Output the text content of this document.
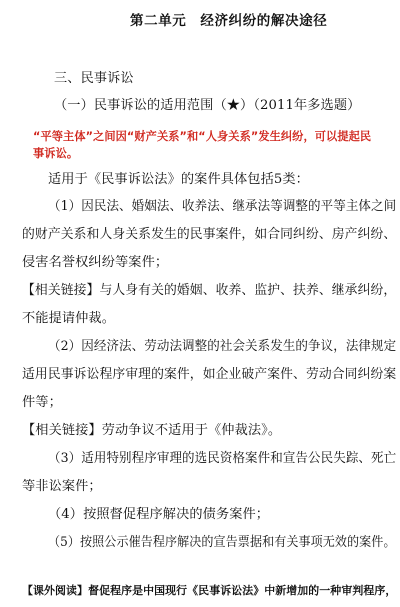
第二单元 经济纠纷的解决途径
三、民事诉讼
（一）民事诉讼的适用范围（★）（2011年多选题）
“平等主体”之间因“财产关系”和“人身关系”发生纠纷，可以提起民
事诉讼。
适用于《民事诉讼法》的案件具体包括5类：
（1）因民法、婚姻法、收养法、继承法等调整的平等主体之间
的财产关系和人身关系发生的民事案件，如合同纠纷、房产纠纷、
侵害名誉权纠纷等案件；
【相关链接】与人身有关的婚姻、收养、监护、扶养、继承纠纷，
不能提请仲裁。
（2）因经济法、劳动法调整的社会关系发生的争议，法律规定
适用民事诉讼程序审理的案件，如企业破产案件、劳动合同纠纷案
件等；
【相关链接】劳动争议不适用于《仲裁法》。
（3）适用特别程序审理的选民资格案件和宣告公民失踪、死亡
等非讼案件；
（4）按照督促程序解决的债务案件；
（5）按照公示催告程序解决的宣告票据和有关事项无效的案件。
【课外阅读】督促程序是中国现行《民事诉讼法》中新增加的一种审判程序，
